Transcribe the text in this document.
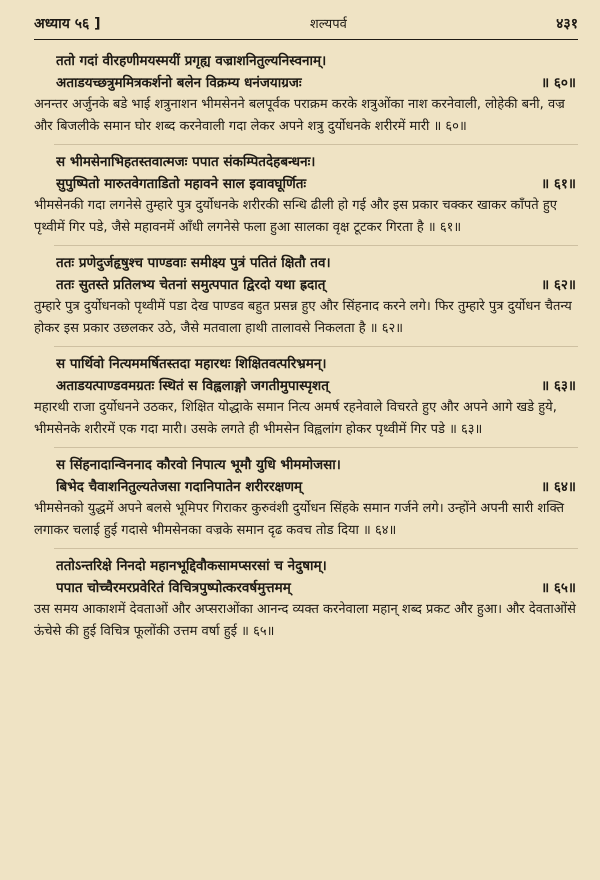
अध्याय ५६ ]	शल्यपर्व	४३१
ततो गदां वीरहणीमयस्मयीं प्रगृह्य वज्राशनितुल्यनिस्वनाम्।
अताडयच्छत्रुममित्रकर्शनो बलेन विक्रम्य धनंजयाग्रजः	॥ ६०॥
अनन्तर अर्जुनके बडे भाई शत्रुनाशन भीमसेनने बलपूर्वक पराक्रम करके शत्रुओंका नाश करनेवाली, लोहेकी बनी, वज्र और बिजलीके समान घोर शब्द करनेवाली गदा लेकर अपने शत्रु दुर्योधनके शरीरमें मारी ॥ ६०॥
स भीमसेनाभिहतस्तवात्मजः पपात संकम्पितदेहबन्धनः।
सुपुष्पितो मारुतवेगताडितो महावने साल इवावघूर्णितः	॥ ६१॥
भीमसेनकी गदा लगनेसे तुम्हारे पुत्र दुर्योधनके शरीरकी सन्धि ढीली हो गई और इस प्रकार चक्कर खाकर काँपते हुए पृथ्वीमें गिर पडे, जैसे महावनमें आँधी लगनेसे फला हुआ सालका वृक्ष टूटकर गिरता है ॥ ६१॥
ततः प्रणेदुर्जहृषुश्च पाण्डवाः समीक्ष्य पुत्रं पतितं क्षितौ तव।
ततः सुतस्ते प्रतिलभ्य चेतनां समुत्पपात द्विरदो यथा ह्रदात्	॥ ६२॥
तुम्हारे पुत्र दुर्योधनको पृथ्वीमें पडा देख पाण्डव बहुत प्रसन्न हुए और सिंहनाद करने लगे। फिर तुम्हारे पुत्र दुर्योधन चैतन्य होकर इस प्रकार उछलकर उठे, जैसे मतवाला हाथी तालावसे निकलता है ॥ ६२॥
स पार्थिवो नित्यममर्षितस्तदा महारथः शिक्षितवत्परिभ्रमन्।
अताडयत्पाण्डवमग्रतः स्थितं स विह्वलाङ्गो जगतीमुपास्पृशत्	॥ ६३॥
महारथी राजा दुर्योधनने उठकर, शिक्षित योद्धाके समान नित्य अमर्ष रहनेवाले विचरते हुए और अपने आगे खडे हुये, भीमसेनके शरीरमें एक गदा मारी। उसके लगते ही भीमसेन विह्वलांग होकर पृथ्वीमें गिर पडे ॥ ६३॥
स सिंहनादान्विननाद कौरवो निपात्य भूमौ युधि भीममोजसा।
बिभेद चैवाशनितुल्यतेजसा गदानिपातेन शरीररक्षणम्	॥ ६४॥
भीमसेनको युद्धमें अपने बलसे भूमिपर गिराकर कुरुवंशी दुर्योधन सिंहके समान गर्जने लगे। उन्होंने अपनी सारी शक्ति लगाकर चलाई हुई गदासे भीमसेनका वज्रके समान दृढ कवच तोड दिया ॥ ६४॥
ततोऽन्तरिक्षे निनदो महानभूद्दिवौकसामप्सरसां च नेदुषाम्।
पपात चोच्चैरमरप्रवेरितं विचित्रपुष्पोत्करवर्षमुत्तमम्	॥ ६५॥
उस समय आकाशमें देवताओं और अप्सराओंका आनन्द व्यक्त करनेवाला महान् शब्द प्रकट और हुआ। और देवताओंसे ऊंचेसे की हुई विचित्र फूलोंकी उत्तम वर्षा हुई ॥ ६५॥
